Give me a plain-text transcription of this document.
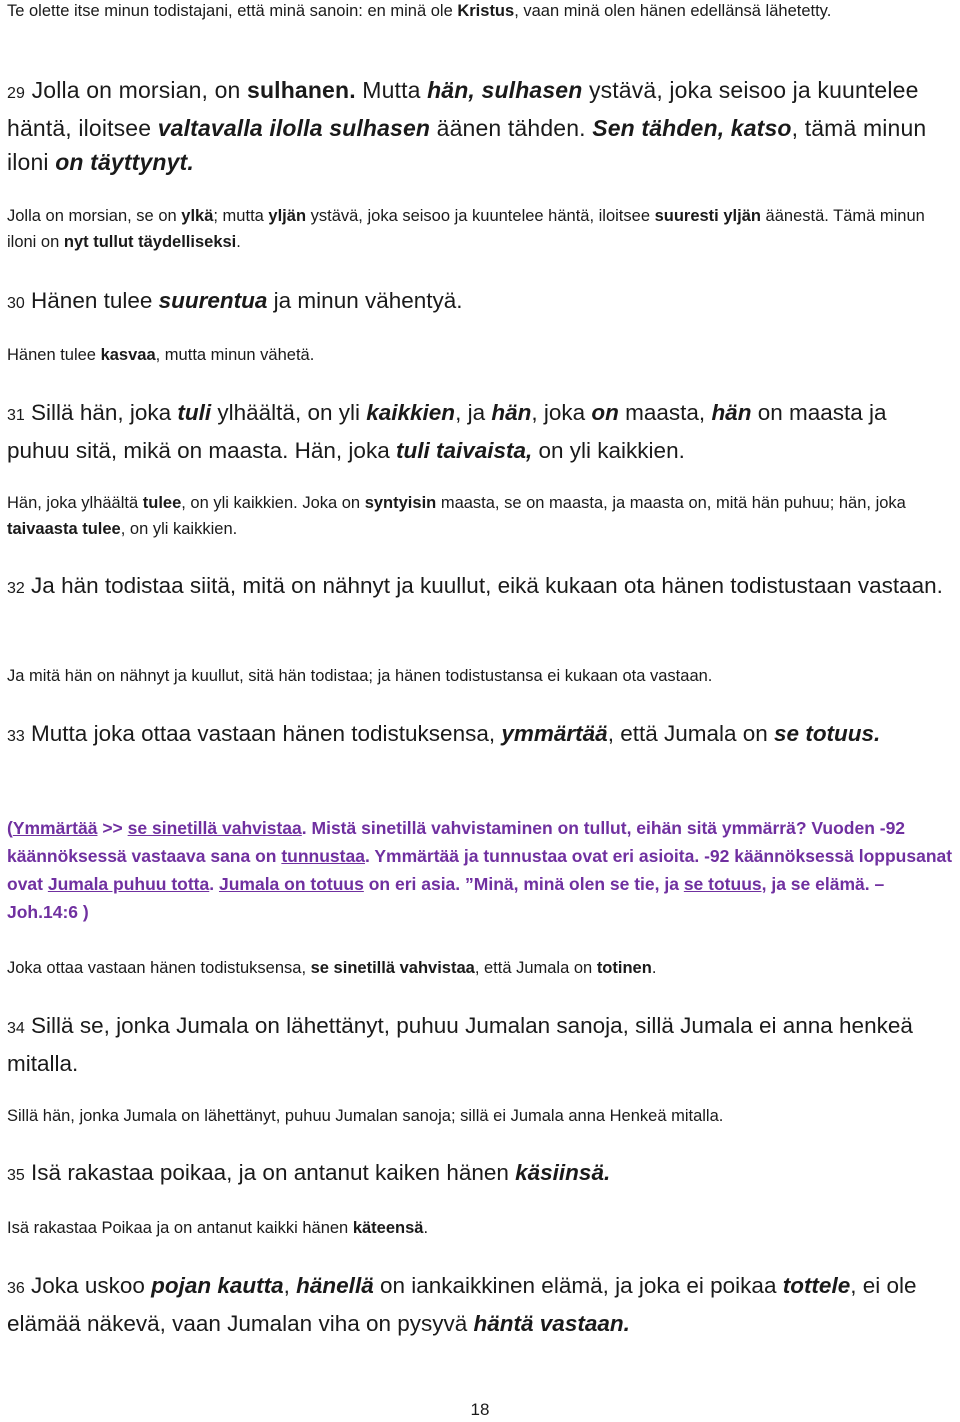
Te olette itse minun todistajani, että minä sanoin: en minä ole Kristus, vaan minä olen hänen edellänsä lähetetty.

29 Jolla on morsian, on sulhanen. Mutta hän, sulhasen ystävä, joka seisoo ja kuuntelee häntä, iloitsee valtavalla ilolla sulhasen äänen tähden. Sen tähden, katso, tämä minun iloni on täyttynyt.

Jolla on morsian, se on ylkä; mutta yljän ystävä, joka seisoo ja kuuntelee häntä, iloitsee suuresti yljän äänestä. Tämä minun iloni on nyt tullut täydelliseksi.

30 Hänen tulee suurentua ja minun vähentyä.

Hänen tulee kasvaa, mutta minun vähetä.

31 Sillä hän, joka tuli ylhäältä, on yli kaikkien, ja hän, joka on maasta, hän on maasta ja puhuu sitä, mikä on maasta. Hän, joka tuli taivaista, on yli kaikkien.

Hän, joka ylhäältä tulee, on yli kaikkien. Joka on syntyisin maasta, se on maasta, ja maasta on, mitä hän puhuu; hän, joka taivaasta tulee, on yli kaikkien.

32 Ja hän todistaa siitä, mitä on nähnyt ja kuullut, eikä kukaan ota hänen todistustaan vastaan.

Ja mitä hän on nähnyt ja kuullut, sitä hän todistaa; ja hänen todistustansa ei kukaan ota vastaan.

33 Mutta joka ottaa vastaan hänen todistuksensa, ymmärtää, että Jumala on se totuus.

(Ymmärtää >> se sinetillä vahvistaa. Mistä sinetillä vahvistaminen on tullut, eihän sitä ymmärrä? Vuoden -92 käännöksessä vastaava sana on tunnustaa. Ymmärtää ja tunnustaa ovat eri asioita. -92 käännöksessä loppusanat ovat Jumala puhuu totta. Jumala on totuus on eri asia. ”Minä, minä olen se tie, ja se totuus, ja se elämä. – Joh.14:6 )

Joka ottaa vastaan hänen todistuksensa, se sinetillä vahvistaa, että Jumala on totinen.

34 Sillä se, jonka Jumala on lähettänyt, puhuu Jumalan sanoja, sillä Jumala ei anna henkeä mitalla.

Sillä hän, jonka Jumala on lähettänyt, puhuu Jumalan sanoja; sillä ei Jumala anna Henkeä mitalla.

35 Isä rakastaa poikaa, ja on antanut kaiken hänen käsiinsä.

Isä rakastaa Poikaa ja on antanut kaikki hänen käteensä.

36 Joka uskoo pojan kautta, hänellä on iankaikkinen elämä, ja joka ei poikaa tottele, ei ole elämää näkevä, vaan Jumalan viha on pysyvä häntä vastaan.

18
